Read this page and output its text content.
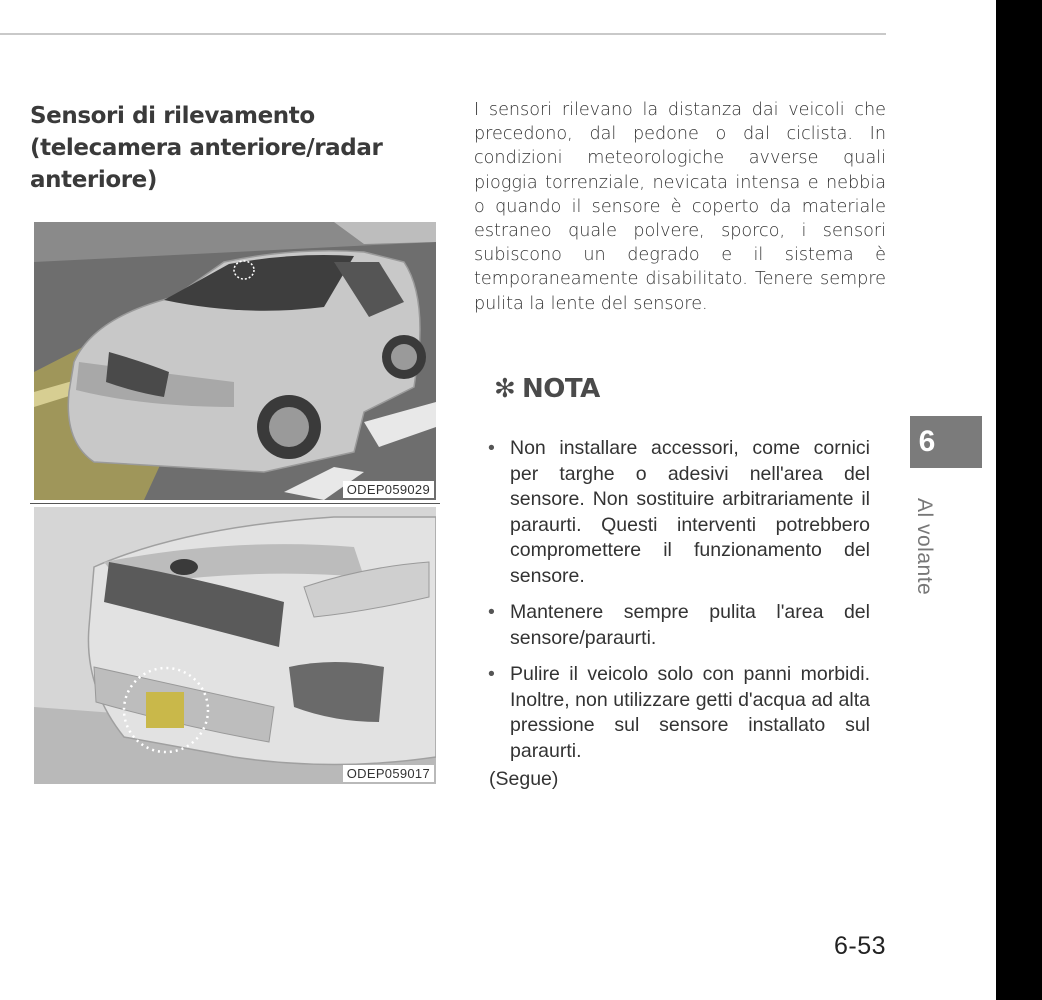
Sensori di rilevamento (telecamera anteriore/radar anteriore)
ODEP059029
ODEP059017
I sensori rilevano la distanza dai veicoli che precedono, dal pedone o dal ciclista. In condizioni meteorologiche avverse quali pioggia torrenziale, nevicata intensa e nebbia o quando il sensore è coperto da materiale estraneo quale polvere, sporco, i sensori subiscono un degrado e il sistema è temporaneamente disabilitato. Tenere sempre pulita la lente del sensore.
✻ NOTA
• Non installare accessori, come cornici per targhe o adesivi nell'area del sensore. Non sostituire arbitrariamente il paraurti. Questi interventi potrebbero compromettere il funzionamento del sensore.
• Mantenere sempre pulita l'area del sensore/paraurti.
• Pulire il veicolo solo con panni morbidi. Inoltre, non utilizzare getti d'acqua ad alta pressione sul sensore installato sul paraurti.
(Segue)
6
Al volante
6-53
